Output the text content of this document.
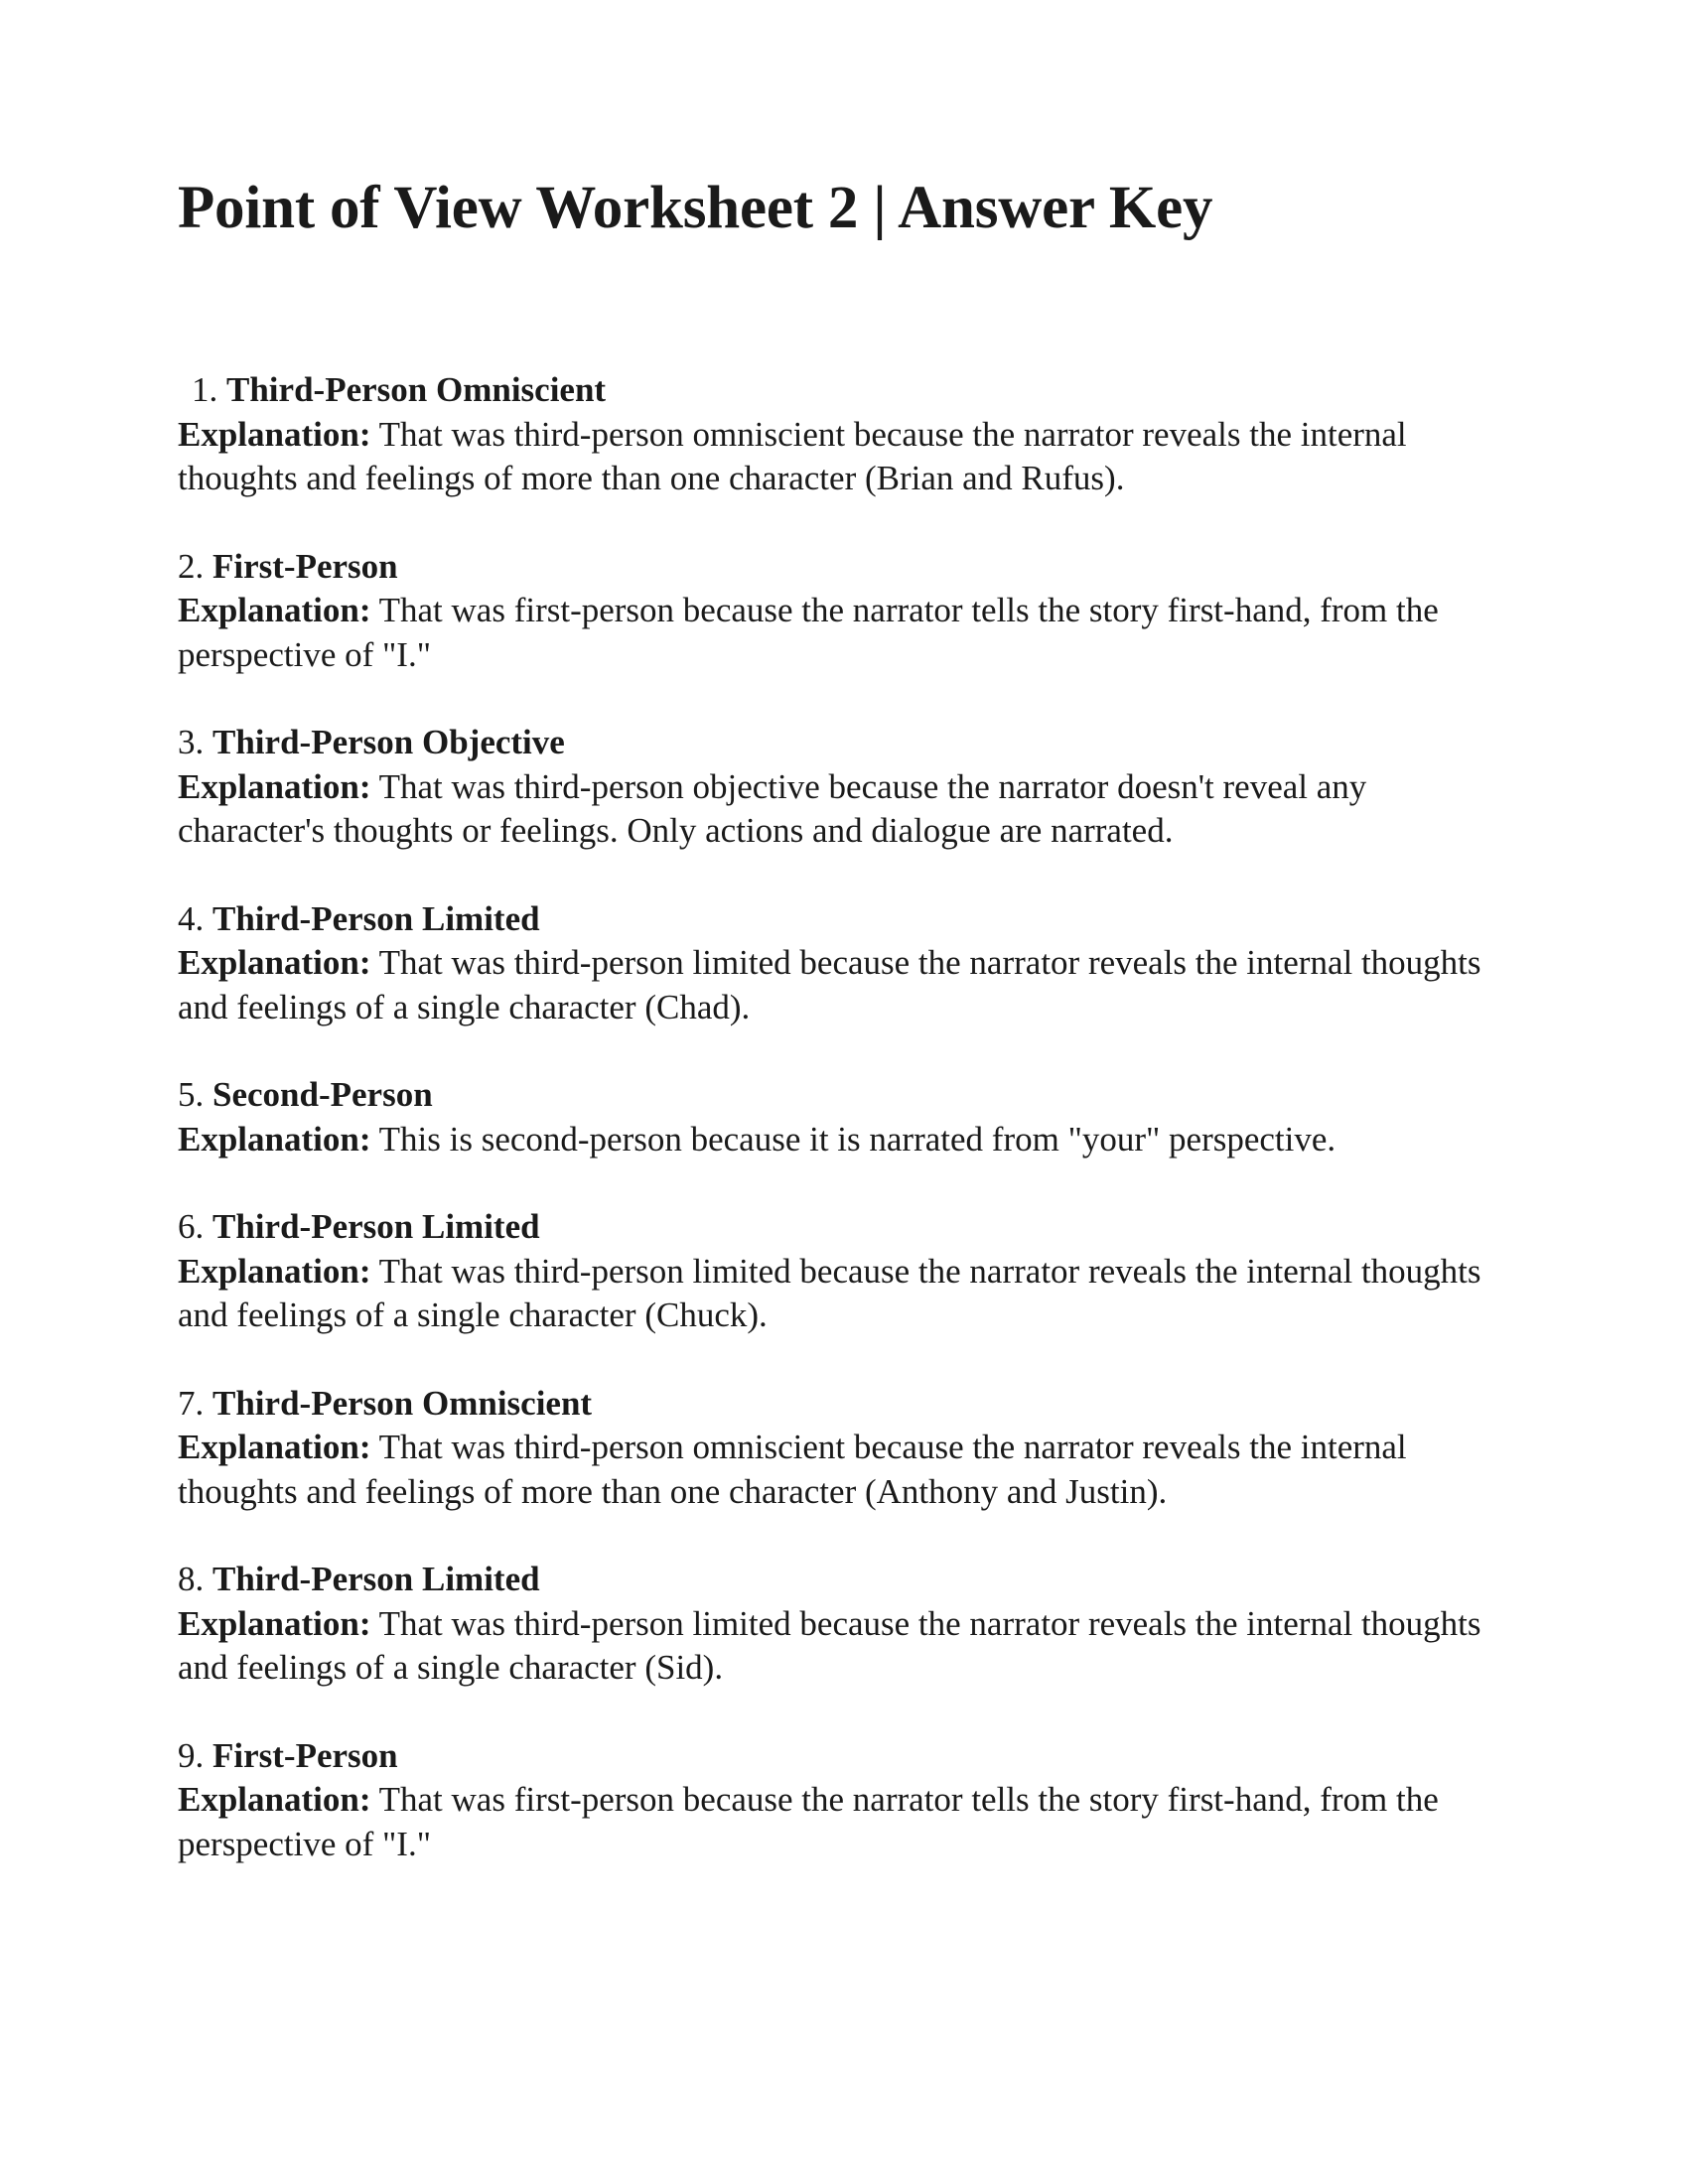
Point of View Worksheet 2 | Answer Key
1. Third-Person Omniscient
Explanation: That was third-person omniscient because the narrator reveals the internal thoughts and feelings of more than one character (Brian and Rufus).
2. First-Person
Explanation: That was first-person because the narrator tells the story first-hand, from the perspective of "I."
3. Third-Person Objective
Explanation: That was third-person objective because the narrator doesn't reveal any character's thoughts or feelings. Only actions and dialogue are narrated.
4. Third-Person Limited
Explanation: That was third-person limited because the narrator reveals the internal thoughts and feelings of a single character (Chad).
5. Second-Person
Explanation: This is second-person because it is narrated from "your" perspective.
6. Third-Person Limited
Explanation: That was third-person limited because the narrator reveals the internal thoughts and feelings of a single character (Chuck).
7. Third-Person Omniscient
Explanation: That was third-person omniscient because the narrator reveals the internal thoughts and feelings of more than one character (Anthony and Justin).
8. Third-Person Limited
Explanation: That was third-person limited because the narrator reveals the internal thoughts and feelings of a single character (Sid).
9. First-Person
Explanation: That was first-person because the narrator tells the story first-hand, from the perspective of "I."
